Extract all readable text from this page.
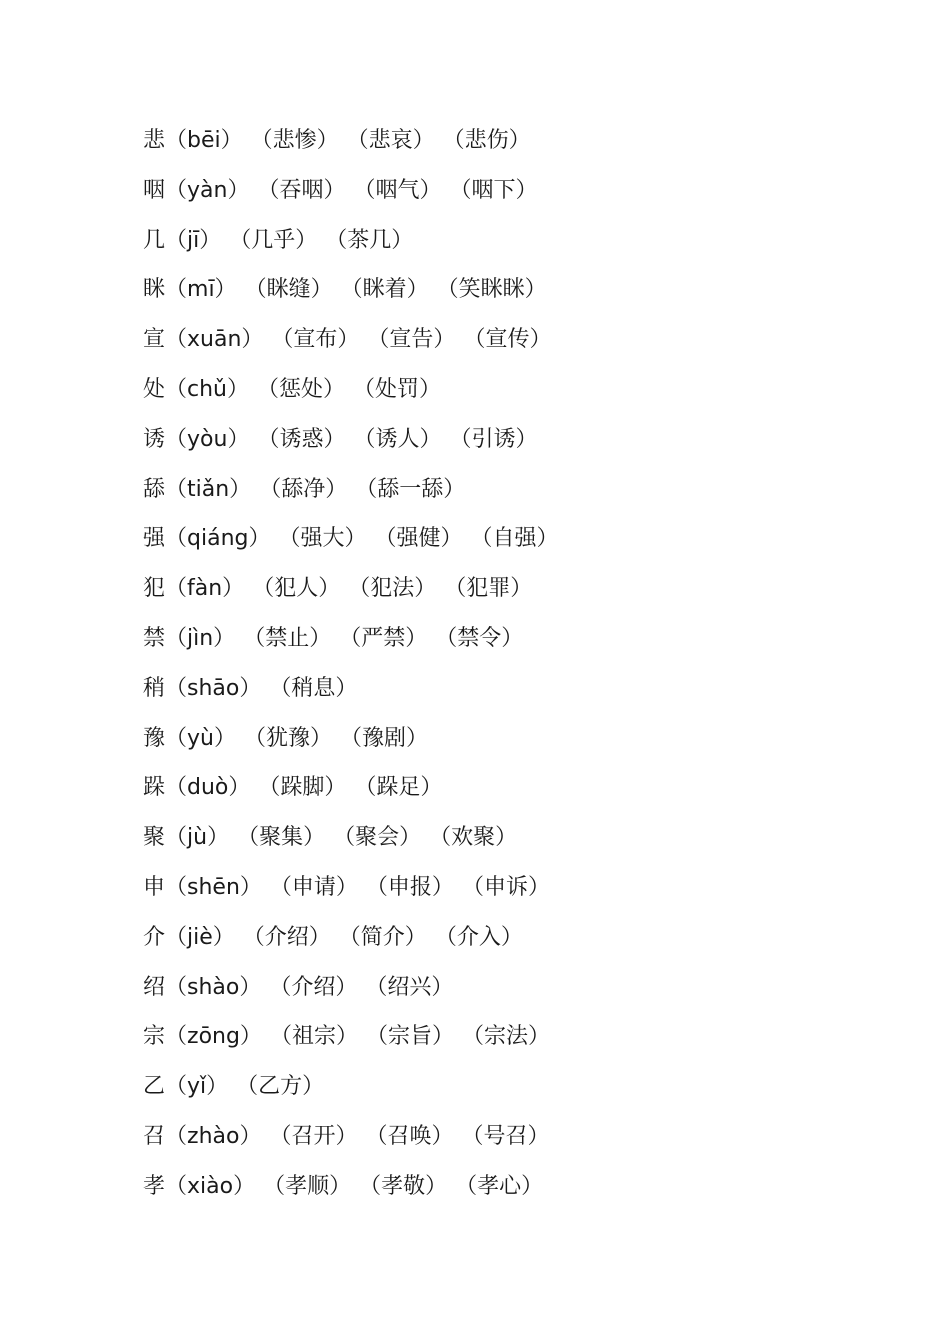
悲（bēi） （悲惨） （悲哀） （悲伤）
咽（yàn） （吞咽） （咽气） （咽下）
几（jī） （几乎） （茶几）
眯（mī） （眯缝） （眯着） （笑眯眯）
宣（xuān） （宣布） （宣告） （宣传）
处（chǔ） （惩处） （处罚）
诱（yòu） （诱惑） （诱人） （引诱）
舔（tiǎn） （舔净） （舔一舔）
强（qiáng） （强大） （强健） （自强）
犯（fàn） （犯人） （犯法） （犯罪）
禁（jìn） （禁止） （严禁） （禁令）
稍（shāo） （稍息）
豫（yù） （犹豫） （豫剧）
跺（duò） （跺脚） （跺足）
聚（jù） （聚集） （聚会） （欢聚）
申（shēn） （申请） （申报） （申诉）
介（jiè） （介绍） （简介） （介入）
绍（shào） （介绍） （绍兴）
宗（zōng） （祖宗） （宗旨） （宗法）
乙（yǐ） （乙方）
召（zhào） （召开） （召唤） （号召）
孝（xiào） （孝顺） （孝敬） （孝心）
